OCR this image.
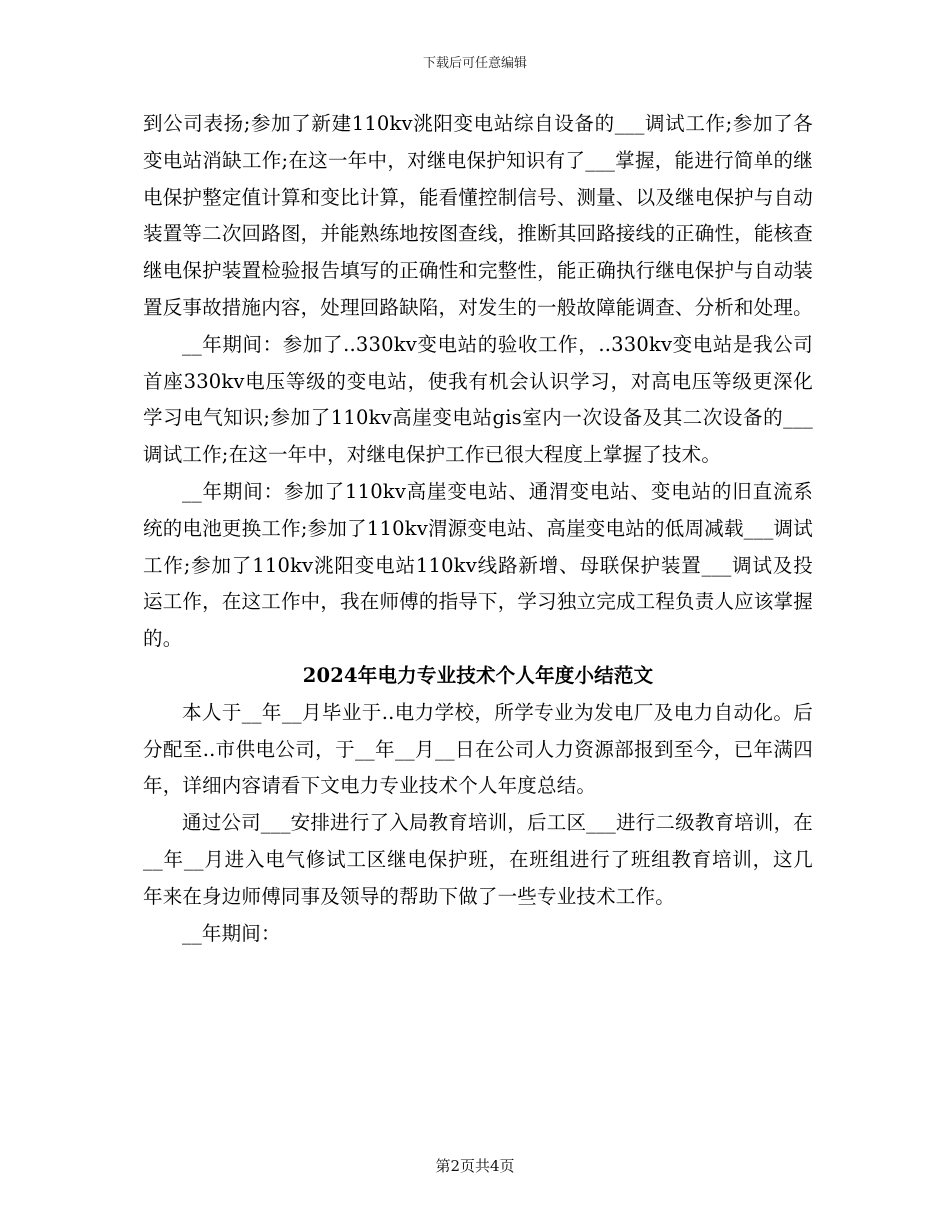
下载后可任意编辑

到公司表扬;参加了新建110kv洮阳变电站综自设备的___调试工作;参加了各变电站消缺工作;在这一年中，对继电保护知识有了___掌握，能进行简单的继电保护整定值计算和变比计算，能看懂控制信号、测量、以及继电保护与自动装置等二次回路图，并能熟练地按图查线，推断其回路接线的正确性，能核查继电保护装置检验报告填写的正确性和完整性，能正确执行继电保护与自动装置反事故措施内容，处理回路缺陷，对发生的一般故障能调查、分析和处理。

__年期间：参加了..330kv变电站的验收工作，..330kv变电站是我公司首座330kv电压等级的变电站，使我有机会认识学习，对高电压等级更深化学习电气知识;参加了110kv高崖变电站gis室内一次设备及其二次设备的___调试工作;在这一年中，对继电保护工作已很大程度上掌握了技术。

__年期间：参加了110kv高崖变电站、通渭变电站、变电站的旧直流系统的电池更换工作;参加了110kv渭源变电站、高崖变电站的低周减载___调试工作;参加了110kv洮阳变电站110kv线路新增、母联保护装置___调试及投运工作，在这工作中，我在师傅的指导下，学习独立完成工程负责人应该掌握的。

2024年电力专业技术个人年度小结范文

本人于__年__月毕业于..电力学校，所学专业为发电厂及电力自动化。后分配至..市供电公司，于__年__月__日在公司人力资源部报到至今，已年满四年，详细内容请看下文电力专业技术个人年度总结。

通过公司___安排进行了入局教育培训，后工区___进行二级教育培训，在__年__月进入电气修试工区继电保护班，在班组进行了班组教育培训，这几年来在身边师傅同事及领导的帮助下做了一些专业技术工作。

__年期间：

第2页共4页
